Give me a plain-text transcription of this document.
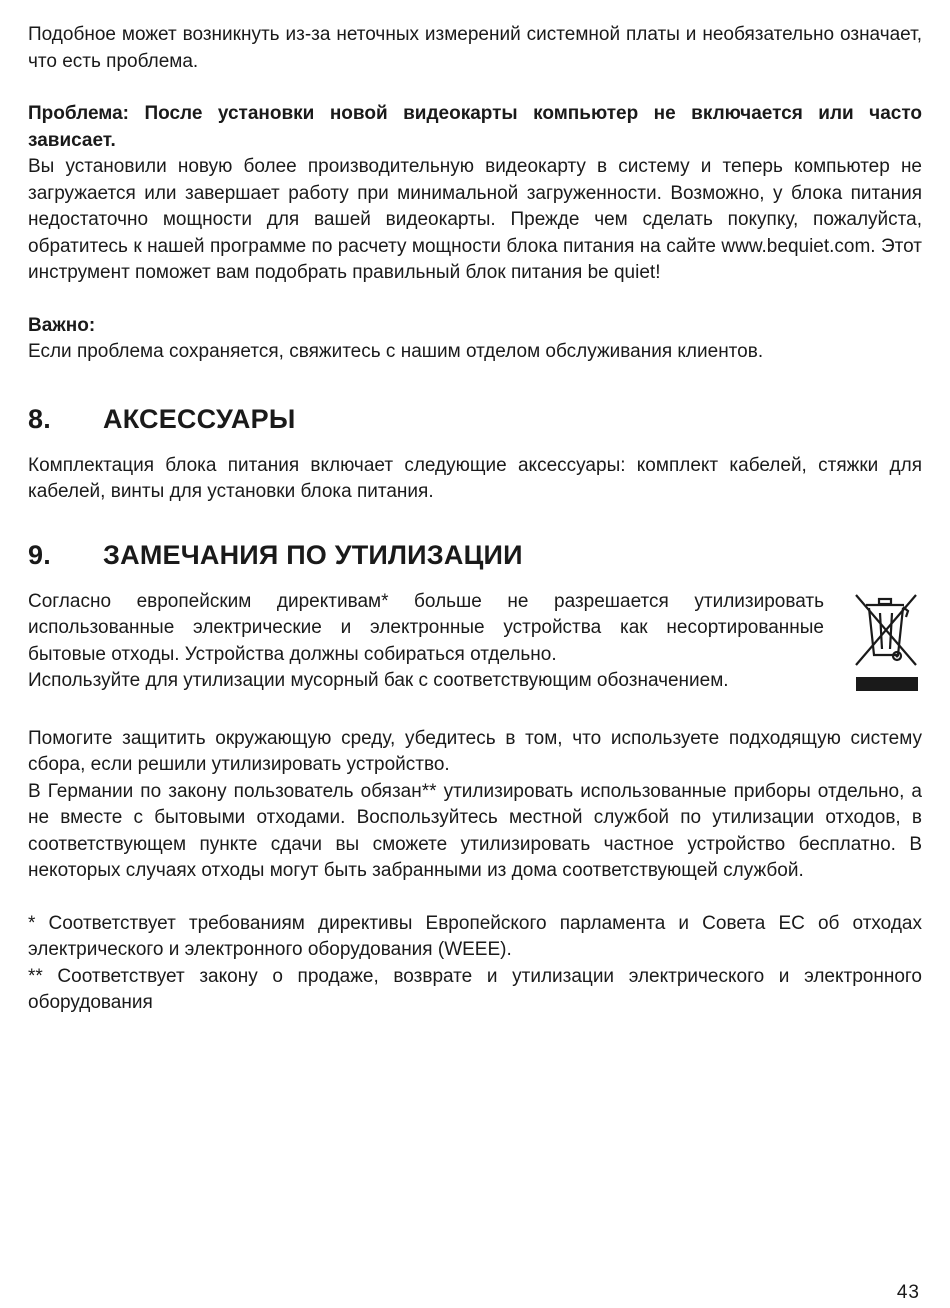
Подобное может возникнуть из-за неточных измерений системной платы и необязательно означает, что есть проблема.

Проблема: После установки новой видеокарты компьютер не включается или часто зависает.

Вы установили новую более производительную видеокарту в систему и теперь компьютер не загружается или завершает работу при минимальной загруженности. Возможно, у блока питания недостаточно мощности для вашей видеокарты. Прежде чем сделать покупку, пожалуйста, обратитесь к нашей программе по расчету мощности блока питания на сайте www.bequiet.com. Этот инструмент поможет вам подобрать правильный блок питания be quiet!

Важно:

Если проблема сохраняется, свяжитесь с нашим отделом обслуживания клиентов.

8.	АКСЕССУАРЫ

Комплектация блока питания включает следующие аксессуары: комплект кабелей, стяжки для кабелей, винты для установки блока питания.

9.	ЗАМЕЧАНИЯ ПО УТИЛИЗАЦИИ

Согласно европейским директивам* больше не разрешается утилизировать использованные электрические и электронные устройства как несортированные бытовые отходы. Устройства должны собираться отдельно.

Используйте для утилизации мусорный бак с соответствующим обозначением.

Помогите защитить окружающую среду, убедитесь в том, что используете подходящую систему сбора, если решили утилизировать устройство.

В Германии по закону пользователь обязан** утилизировать использованные приборы отдельно, а не вместе с бытовыми отходами. Воспользуйтесь местной службой по утилизации отходов, в соответствующем пункте сдачи вы сможете утилизировать частное устройство бесплатно. В некоторых случаях отходы могут быть забранными из дома соответствующей службой.

* Соответствует требованиям директивы Европейского парламента и Совета ЕС об отходах электрического и электронного оборудования (WEEE).

** Соответствует закону о продаже, возврате и утилизации электрического и электронного оборудования

43
